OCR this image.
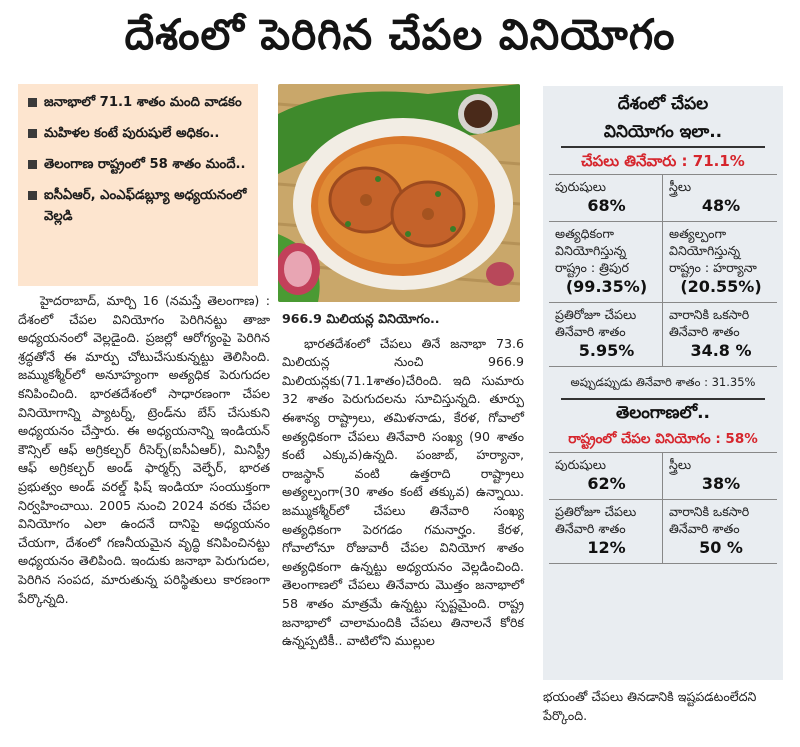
దేశంలో పెరిగిన చేపల వినియోగం
జనాభాలో 71.1 శాతం మంది వాడకం
మహిళల కంటే పురుషులే అధికం..
తెలంగాణ రాష్ట్రంలో 58 శాతం మందే..
ఐసీఏఆర్‌, ఎంఎఫ్‌డబ్ల్యూ అధ్యయనంలో వెల్లడి

హైదరాబాద్‌, మార్చి 16 (నమస్తే తెలంగాణ) : దేశంలో చేపల వినియోగం పెరిగినట్టు తాజా అధ్యయనంలో వెల్లడైంది. ప్రజల్లో ఆరోగ్యంపై పెరిగిన శ్రద్ధతోనే ఈ మార్పు చోటుచేసుకున్నట్టు తెలిసింది. జమ్ముకశ్మీర్‌లో అనూహ్యంగా అత్యధిక పెరుగుదల కనిపించింది. భారతదేశంలో సాధారణంగా చేపల వినియోగాన్ని ప్యాటర్న్‌, ట్రెండ్‌ను బేస్‌ చేసుకుని అధ్యయనం చేస్తారు. ఈ అధ్యయనాన్ని ఇండియన్‌ కౌన్సిల్‌ ఆఫ్‌ అగ్రికల్చర్‌ రీసెర్చ్‌(ఐసీఏఆర్‌), మినిస్ట్రీ ఆఫ్‌ అగ్రికల్చర్‌ అండ్‌ ఫార్మర్స్‌ వెల్ఫేర్‌, భారత ప్రభుత్వం అండ్‌ వరల్డ్‌ ఫిష్‌ ఇండియా సంయుక్తంగా నిర్వహించాయి. 2005 నుంచి 2024 వరకు చేపల వినియోగం ఎలా ఉందనే దానిపై అధ్యయనం చేయగా, దేశంలో గణనీయమైన వృద్ధి కనిపించినట్టు అధ్యయనం తెలిపింది. ఇందుకు జనాభా పెరుగుదల, పెరిగిన సంపద, మారుతున్న పరిస్థితులు కారణంగా పేర్కొన్నది.

966.9 మిలియన్ల వినియోగం..

భారతదేశంలో చేపలు తినే జనాభా 73.6 మిలియన్ల నుంచి 966.9 మిలియన్లకు(71.1శాతం)చేరింది. ఇది సుమారు 32 శాతం పెరుగుదలను సూచిస్తున్నది. తూర్పు ఈశాన్య రాష్ట్రాలు, తమిళనాడు, కేరళ, గోవాలో అత్యధికంగా చేపలు తినేవారి సంఖ్య (90 శాతం కంటే ఎక్కువ)ఉన్నది. పంజాబ్‌, హర్యానా, రాజస్థాన్‌ వంటి ఉత్తరాది రాష్ట్రాలు అత్యల్పంగా(30 శాతం కంటే తక్కువ) ఉన్నాయి. జమ్ముకశ్మీర్‌లో చేపలు తినేవారి సంఖ్య అత్యధికంగా పెరగడం గమనార్హం. కేరళ, గోవాలోనూ రోజువారీ చేపల వినియోగ శాతం అత్యధికంగా ఉన్నట్టు అధ్యయనం వెల్లడించింది. తెలంగాణలో చేపలు తినేవారు మొత్తం జనాభాలో 58 శాతం మాత్రమే ఉన్నట్టు స్పష్టమైంది. రాష్ట్ర జనాభాలో చాలామందికి చేపలు తినాలనే కోరిక ఉన్నప్పటికీ.. వాటిలోని ముల్లుల

దేశంలో చేపల
వినియోగం ఇలా..
చేపలు తినేవారు : 71.1%
పురుషులు
68%
స్త్రీలు
48%
అత్యధికంగా వినియోగిస్తున్న రాష్ట్రం : త్రిపుర
(99.35%)
అత్యల్పంగా వినియోగిస్తున్న రాష్ట్రం : హర్యానా
(20.55%)
ప్రతిరోజూ చేపలు తినేవారి శాతం
5.95%
వారానికి ఒకసారి తినేవారి శాతం
34.8 %
అప్పుడప్పుడు తినేవారి శాతం : 31.35%
తెలంగాణలో..
రాష్ట్రంలో చేపల వినియోగం : 58%
పురుషులు
62%
స్త్రీలు
38%
ప్రతిరోజూ చేపలు తినేవారి శాతం
12%
వారానికి ఒకసారి తినేవారి శాతం
50 %
భయంతో చేపలు తినడానికి ఇష్టపడటంలేదని పేర్కొంది.
